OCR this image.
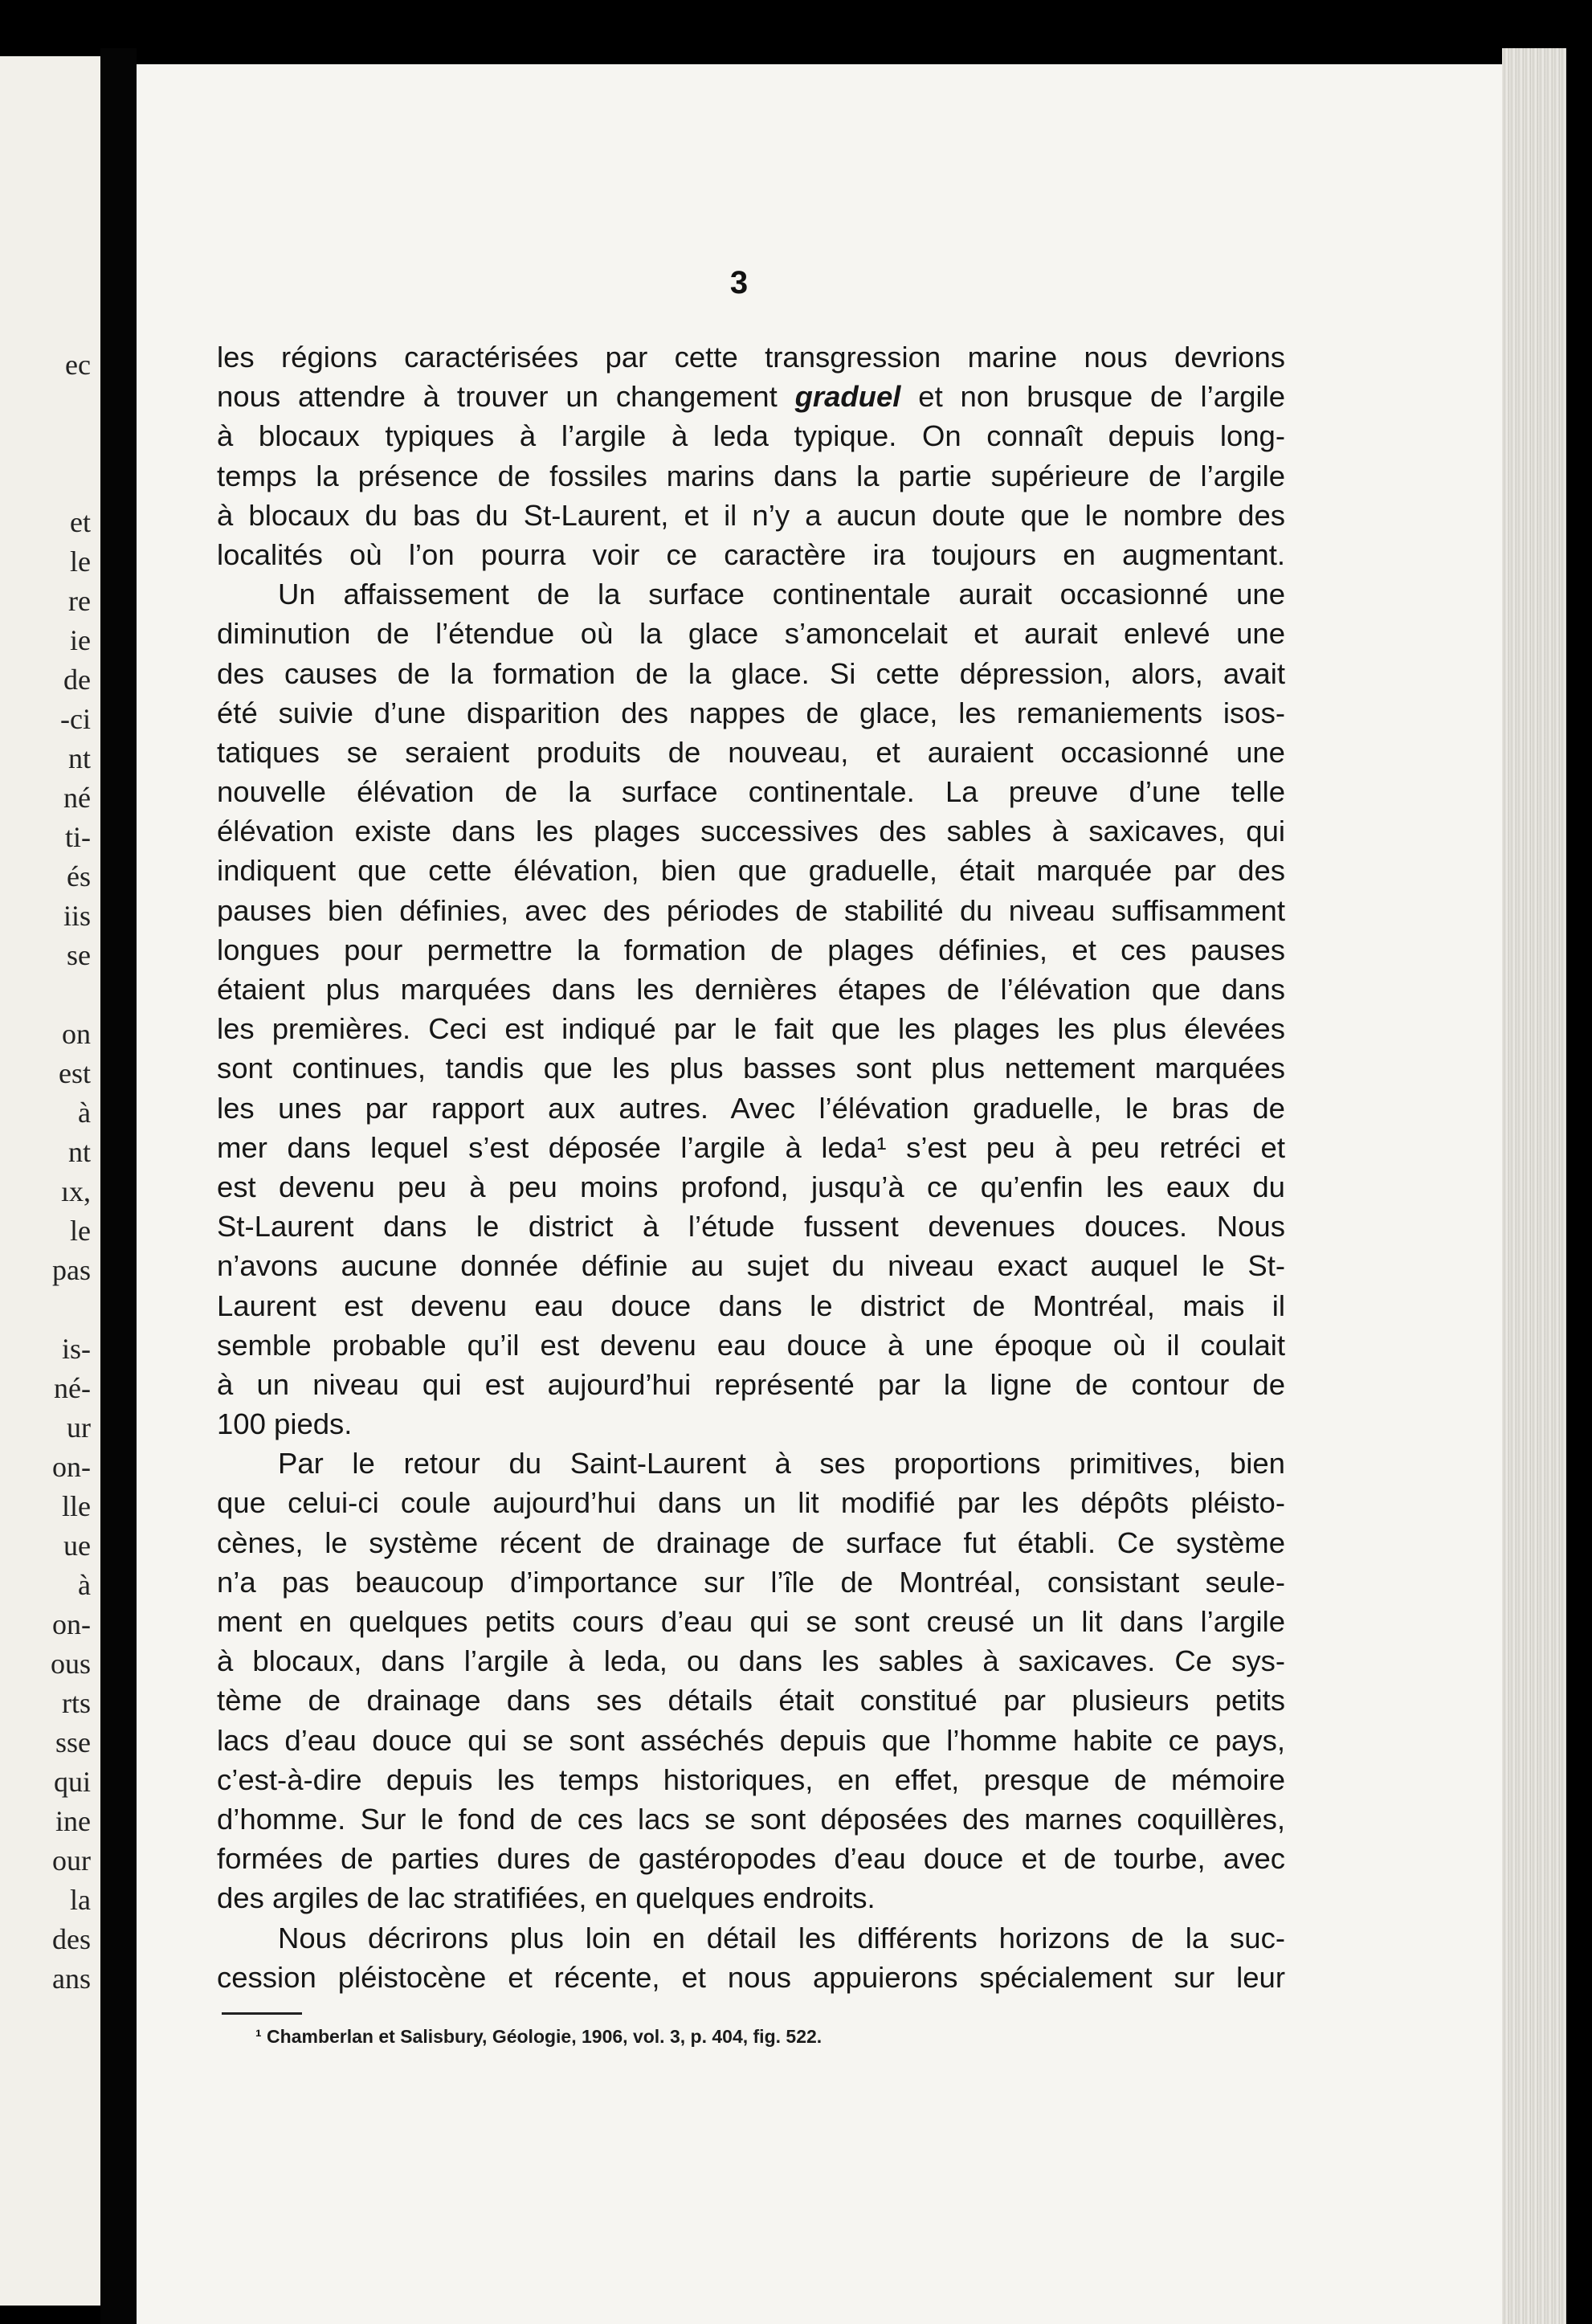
ec
et
le
re
ie
de
-ci
nt
né
ti-
és
iis
se
on
est
à
nt
ıx,
le
pas
is-
né-
ur
on-
lle
ue
à
on-
ous
rts
sse
qui
ine
our
la
des
ans
3
les régions caractérisées par cette transgression marine nous devrions
nous attendre à trouver un changement graduel et non brusque de l’argile
à blocaux typiques à l’argile à leda typique. On connaît depuis long-
temps la présence de fossiles marins dans la partie supérieure de l’argile
à blocaux du bas du St-Laurent, et il n’y a aucun doute que le nombre des
localités où l’on pourra voir ce caractère ira toujours en augmentant.
Un affaissement de la surface continentale aurait occasionné une
diminution de l’étendue où la glace s’amoncelait et aurait enlevé une
des causes de la formation de la glace. Si cette dépression, alors, avait
été suivie d’une disparition des nappes de glace, les remaniements isos-
tatiques se seraient produits de nouveau, et auraient occasionné une
nouvelle élévation de la surface continentale. La preuve d’une telle
élévation existe dans les plages successives des sables à saxicaves, qui
indiquent que cette élévation, bien que graduelle, était marquée par des
pauses bien définies, avec des périodes de stabilité du niveau suffisamment
longues pour permettre la formation de plages définies, et ces pauses
étaient plus marquées dans les dernières étapes de l’élévation que dans
les premières. Ceci est indiqué par le fait que les plages les plus élevées
sont continues, tandis que les plus basses sont plus nettement marquées
les unes par rapport aux autres. Avec l’élévation graduelle, le bras de
mer dans lequel s’est déposée l’argile à leda¹ s’est peu à peu retréci et
est devenu peu à peu moins profond, jusqu’à ce qu’enfin les eaux du
St-Laurent dans le district à l’étude fussent devenues douces. Nous
n’avons aucune donnée définie au sujet du niveau exact auquel le St-
Laurent est devenu eau douce dans le district de Montréal, mais il
semble probable qu’il est devenu eau douce à une époque où il coulait
à un niveau qui est aujourd’hui représenté par la ligne de contour de
100 pieds.
Par le retour du Saint-Laurent à ses proportions primitives, bien
que celui-ci coule aujourd’hui dans un lit modifié par les dépôts pléisto-
cènes, le système récent de drainage de surface fut établi. Ce système
n’a pas beaucoup d’importance sur l’île de Montréal, consistant seule-
ment en quelques petits cours d’eau qui se sont creusé un lit dans l’argile
à blocaux, dans l’argile à leda, ou dans les sables à saxicaves. Ce sys-
tème de drainage dans ses détails était constitué par plusieurs petits
lacs d’eau douce qui se sont asséchés depuis que l’homme habite ce pays,
c’est-à-dire depuis les temps historiques, en effet, presque de mémoire
d’homme. Sur le fond de ces lacs se sont déposées des marnes coquillères,
formées de parties dures de gastéropodes d’eau douce et de tourbe, avec
des argiles de lac stratifiées, en quelques endroits.
Nous décrirons plus loin en détail les différents horizons de la suc-
cession pléistocène et récente, et nous appuierons spécialement sur leur
¹ Chamberlan et Salisbury, Géologie, 1906, vol. 3, p. 404, fig. 522.
